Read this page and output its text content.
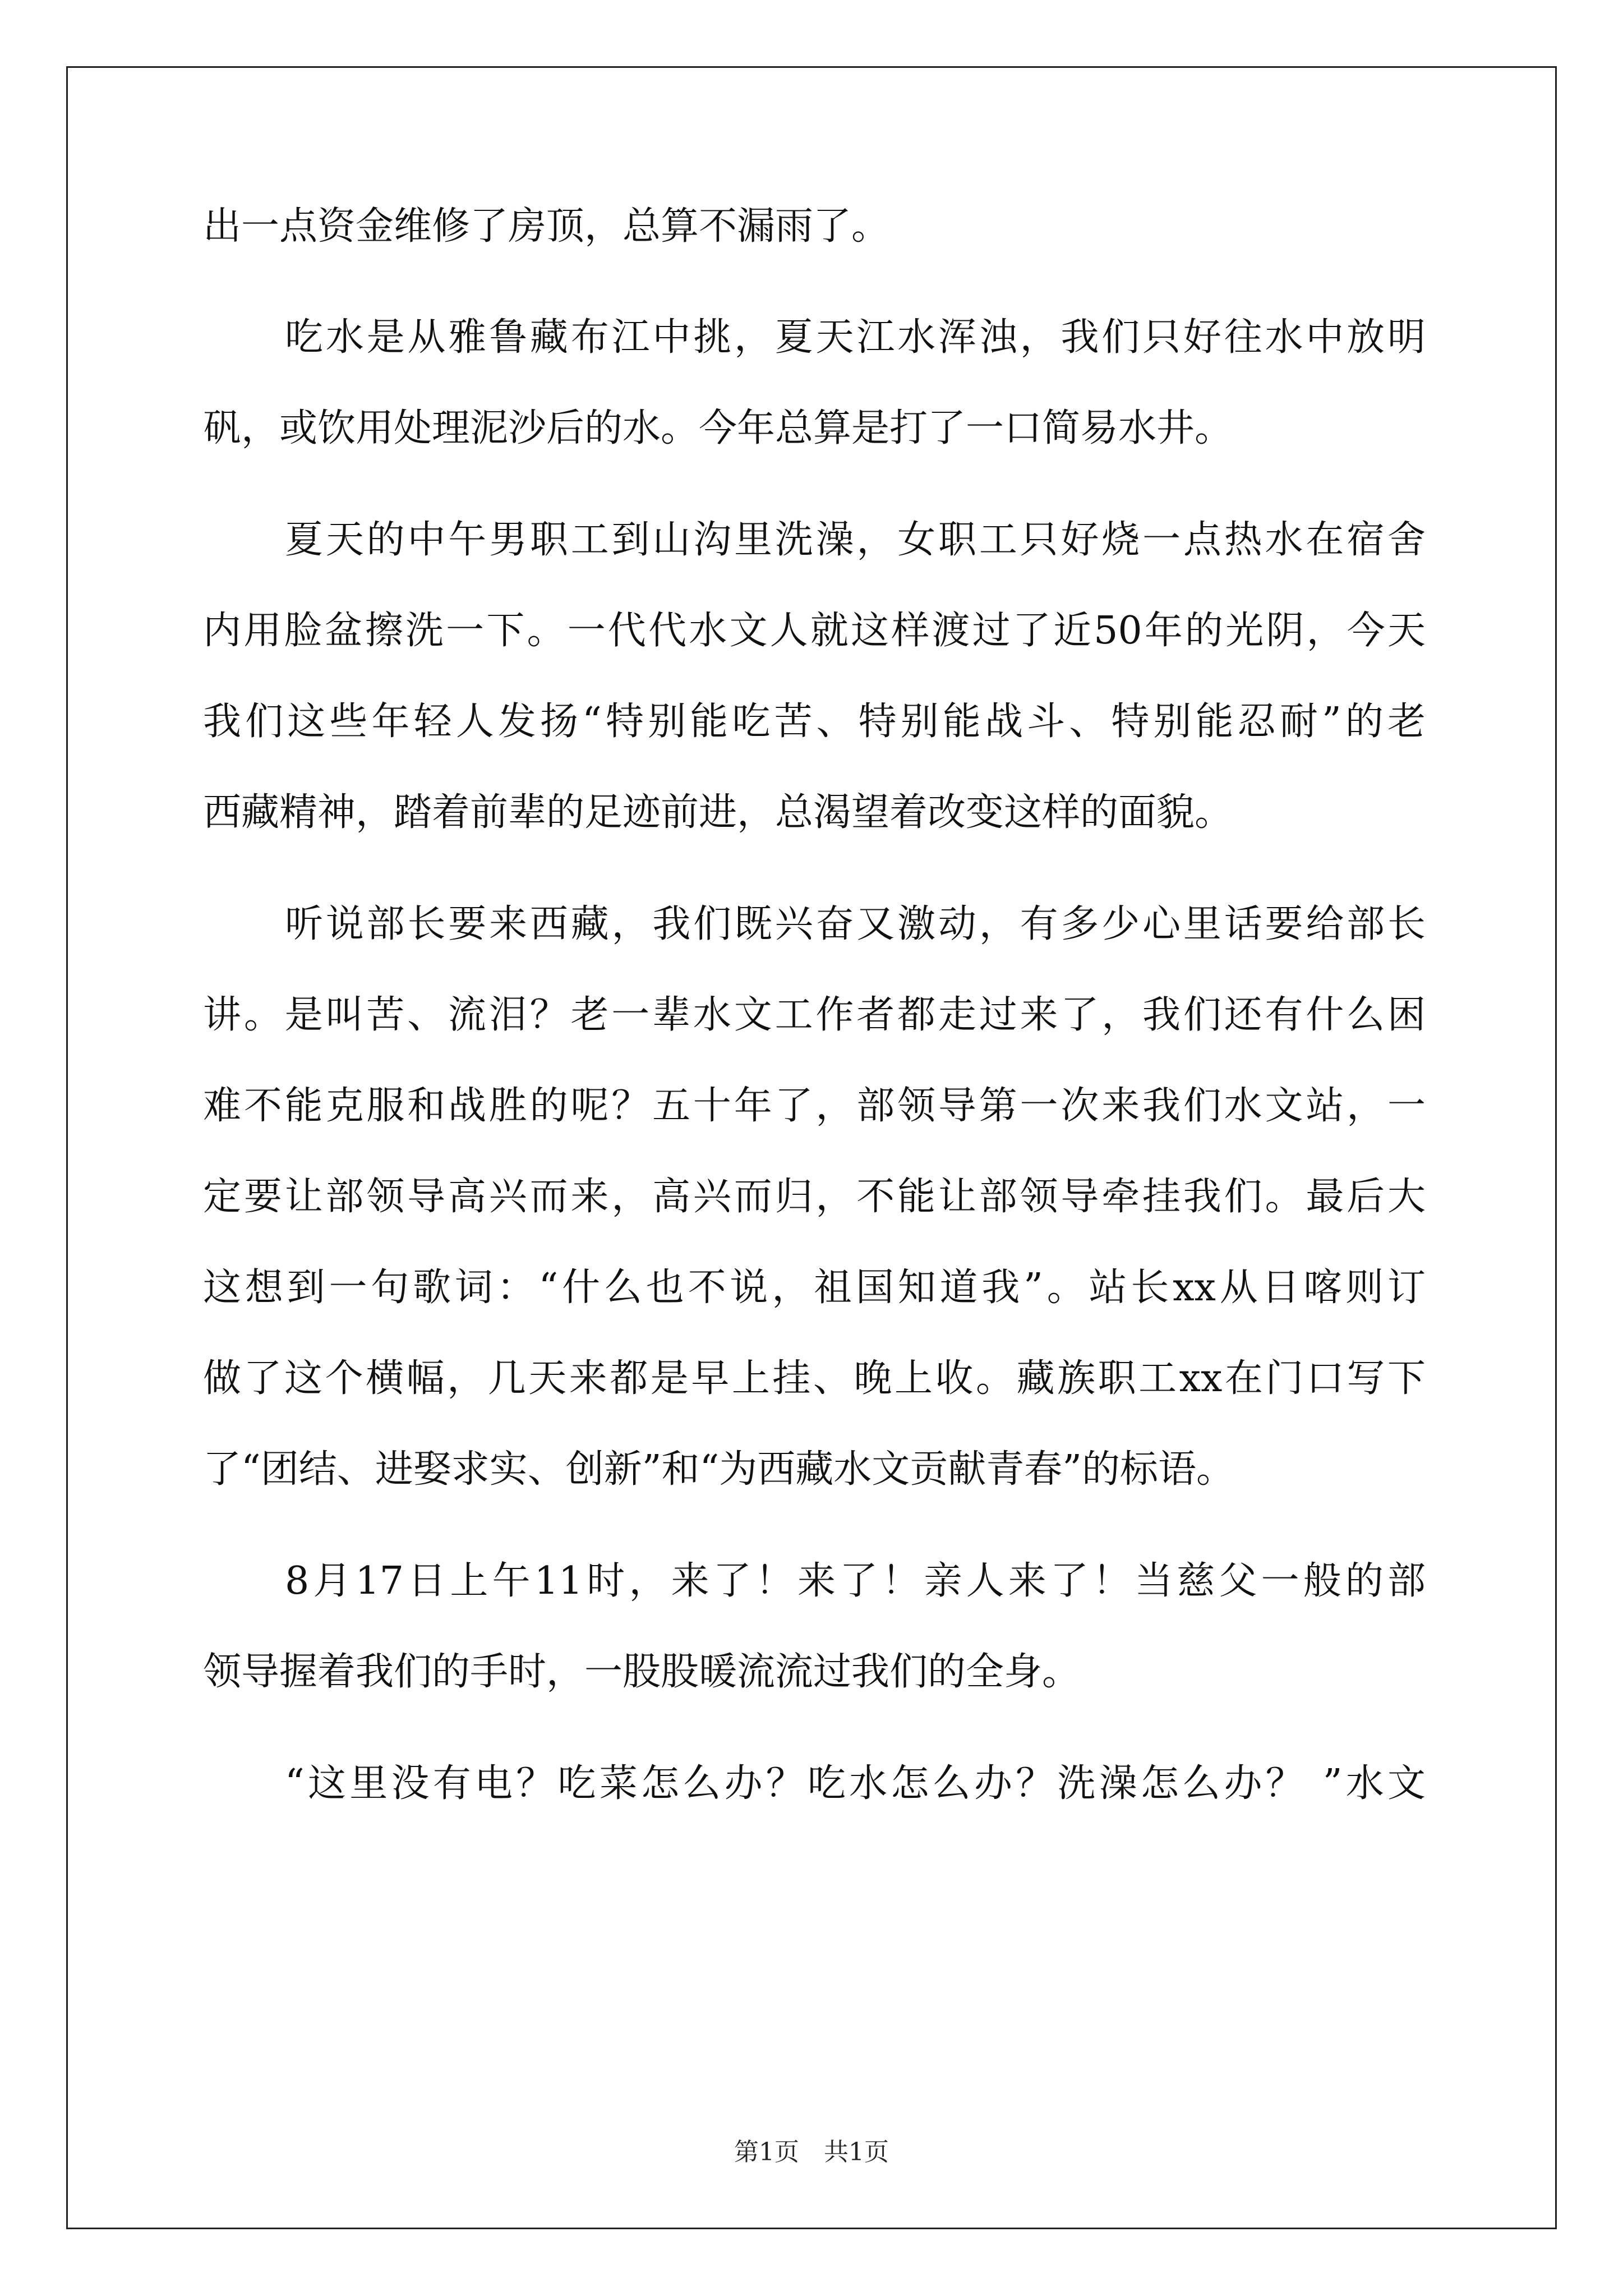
出一点资金维修了房顶，总算不漏雨了。
吃水是从雅鲁藏布江中挑，夏天江水浑浊，我们只好往水中放明
矾，或饮用处理泥沙后的水。今年总算是打了一口简易水井。
夏天的中午男职工到山沟里洗澡，女职工只好烧一点热水在宿舍
内用脸盆擦洗一下。一代代水文人就这样渡过了近50年的光阴，今天
我们这些年轻人发扬“特别能吃苦、特别能战斗、特别能忍耐”的老
西藏精神，踏着前辈的足迹前进，总渴望着改变这样的面貌。
听说部长要来西藏，我们既兴奋又激动，有多少心里话要给部长
讲。是叫苦、流泪？老一辈水文工作者都走过来了，我们还有什么困
难不能克服和战胜的呢？五十年了，部领导第一次来我们水文站，一
定要让部领导高兴而来，高兴而归，不能让部领导牵挂我们。最后大
这想到一句歌词：“什么也不说，祖国知道我”。站长xx从日喀则订
做了这个横幅，几天来都是早上挂、晚上收。藏族职工xx在门口写下
了“团结、进娶求实、创新”和“为西藏水文贡献青春”的标语。
8月17日上午11时，来了！来了！亲人来了！当慈父一般的部
领导握着我们的手时，一股股暖流流过我们的全身。
“这里没有电？吃菜怎么办？吃水怎么办？洗澡怎么办？ ”水文
第1页 共1页
